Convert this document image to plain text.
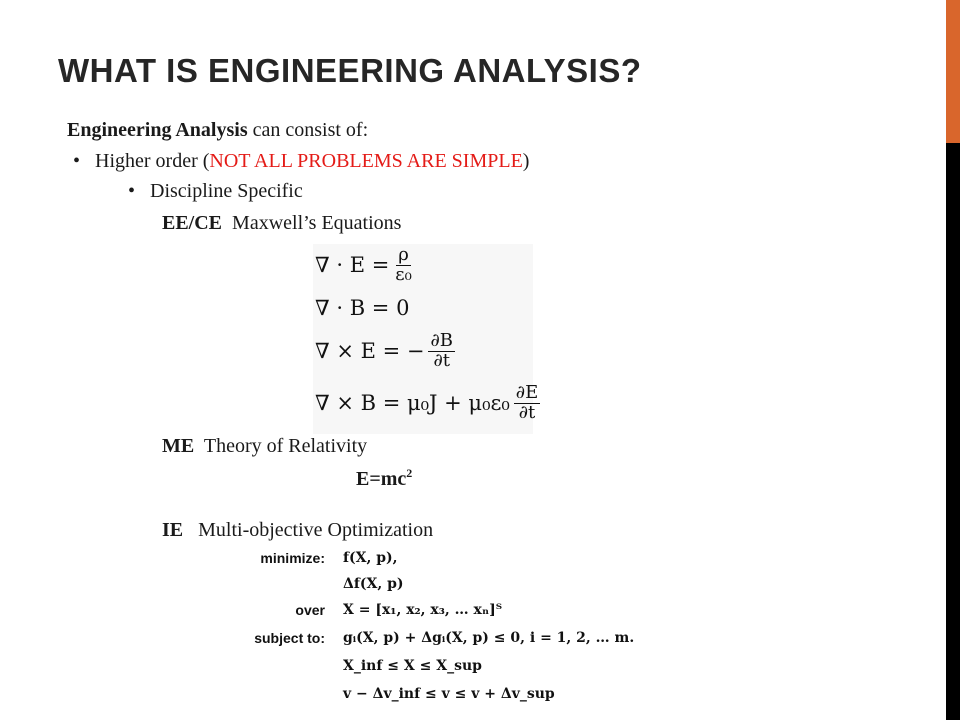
WHAT IS ENGINEERING ANALYSIS?
Engineering Analysis can consist of:
• Higher order (NOT ALL PROBLEMS ARE SIMPLE)
• Discipline Specific
EE/CE  Maxwell’s Equations
∇ · $E = \frac{\rho}{\text{ε₀}}$
∇ · B = 0
∇ × E = − $\frac{\partial B}{\partial t}$
∇ × $B = \mu_0J + \mu_0\varepsilon_0 \frac{\partial E}{\partial t}$
ME  Theory of Relativity
$E=mc^2$
IE   Multi-objective Optimization
minimize: f(X, p),
Δf(X, p)
over X = [x₁, x₂, x₃, … xₙ]ᵀ
subject to: gᵢ(X, p) + Δgᵢ(X, p) ≤ 0, i = 1, 2, … m.
X_inf ≤ X ≤ X_sup
v − Δv_inf ≤ v ≤ v + Δv_sup
